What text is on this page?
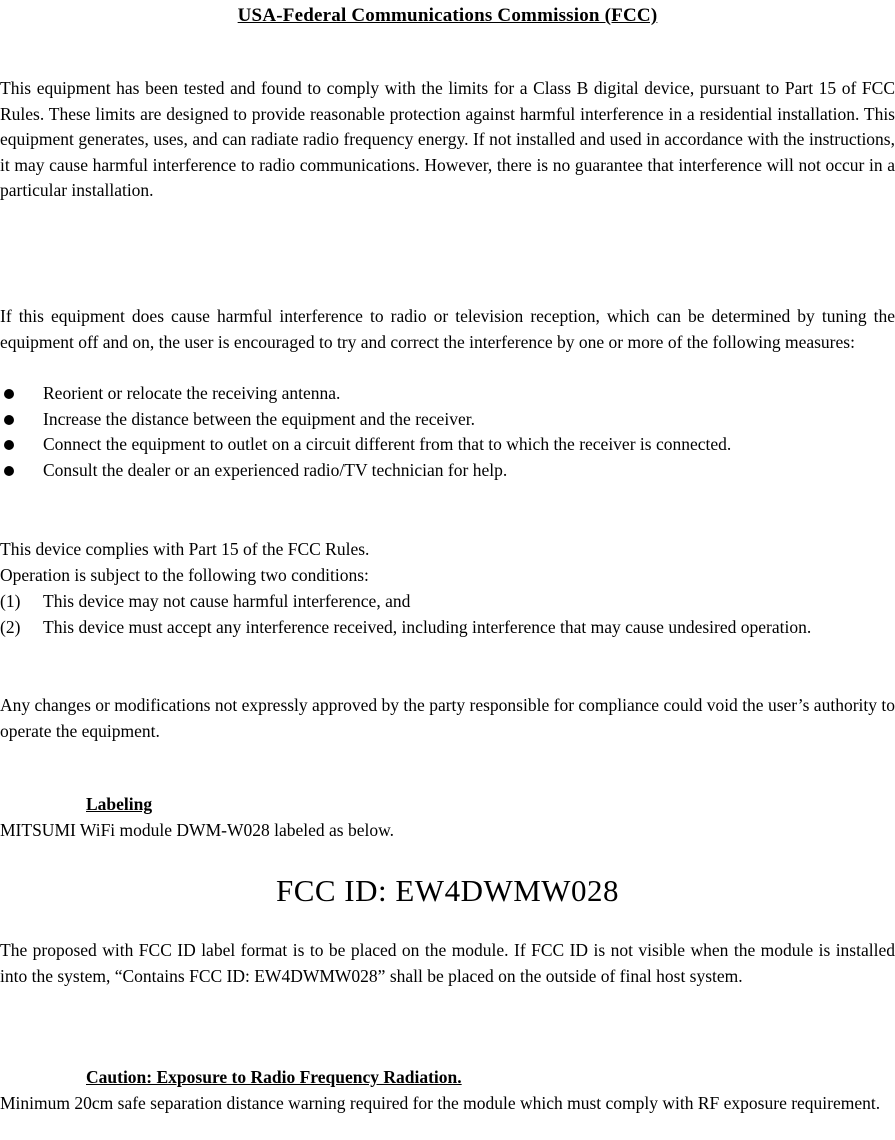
USA-Federal Communications Commission (FCC)

This equipment has been tested and found to comply with the limits for a Class B digital device, pursuant to Part 15 of FCC Rules. These limits are designed to provide reasonable protection against harmful interference in a residential installation. This equipment generates, uses, and can radiate radio frequency energy. If not installed and used in accordance with the instructions, it may cause harmful interference to radio communications. However, there is no guarantee that interference will not occur in a particular installation.

If this equipment does cause harmful interference to radio or television reception, which can be determined by tuning the equipment off and on, the user is encouraged to try and correct the interference by one or more of the following measures:

Reorient or relocate the receiving antenna.
Increase the distance between the equipment and the receiver.
Connect the equipment to outlet on a circuit different from that to which the receiver is connected.
Consult the dealer or an experienced radio/TV technician for help.
This device complies with Part 15 of the FCC Rules.
Operation is subject to the following two conditions:
(1) This device may not cause harmful interference, and
(2) This device must accept any interference received, including interference that may cause undesired operation.

Any changes or modifications not expressly approved by the party responsible for compliance could void the user’s authority to operate the equipment.

Labeling
MITSUMI WiFi module DWM-W028 labeled as below.
FCC ID: EW4DWMW028

The proposed with FCC ID label format is to be placed on the module. If FCC ID is not visible when the module is installed into the system, “Contains FCC ID: EW4DWMW028” shall be placed on the outside of final host system.

Caution: Exposure to Radio Frequency Radiation.

Minimum 20cm safe separation distance warning required for the module which must comply with RF exposure requirement.
